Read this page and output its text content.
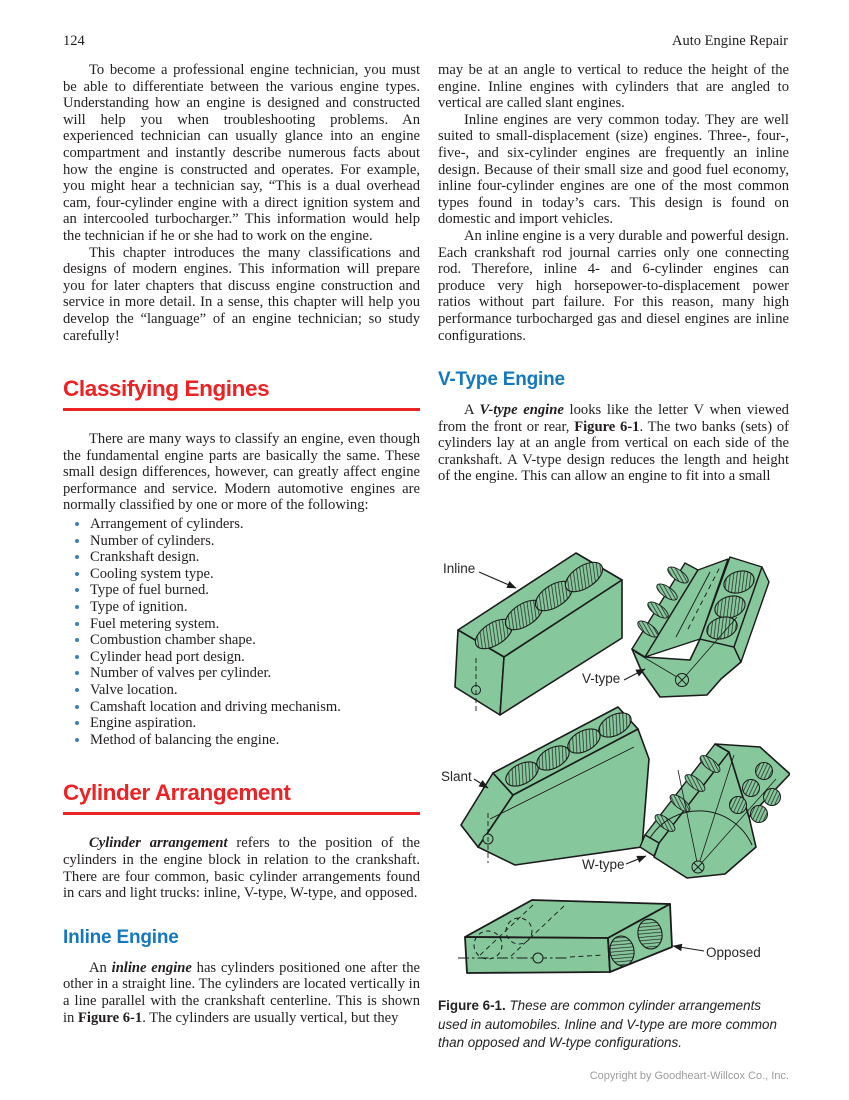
124	Auto Engine Repair

To become a professional engine technician, you must be able to differentiate between the various engine types. Understanding how an engine is designed and constructed will help you when troubleshooting problems. An experienced technician can usually glance into an engine compartment and instantly describe numerous facts about how the engine is constructed and operates. For example, you might hear a technician say, “This is a dual overhead cam, four-cylinder engine with a direct ignition system and an intercooled turbocharger.” This information would help the technician if he or she had to work on the engine.

This chapter introduces the many classifications and designs of modern engines. This information will prepare you for later chapters that discuss engine construction and service in more detail. In a sense, this chapter will help you develop the “language” of an engine technician; so study carefully!

Classifying Engines

There are many ways to classify an engine, even though the fundamental engine parts are basically the same. These small design differences, however, can greatly affect engine performance and service. Modern automotive engines are normally classified by one or more of the following:

• Arrangement of cylinders.
• Number of cylinders.
• Crankshaft design.
• Cooling system type.
• Type of fuel burned.
• Type of ignition.
• Fuel metering system.
• Combustion chamber shape.
• Cylinder head port design.
• Number of valves per cylinder.
• Valve location.
• Camshaft location and driving mechanism.
• Engine aspiration.
• Method of balancing the engine.
Cylinder Arrangement

Cylinder arrangement refers to the position of the cylinders in the engine block in relation to the crankshaft. There are four common, basic cylinder arrangements found in cars and light trucks: inline, V-type, W-type, and opposed.

Inline Engine

An inline engine has cylinders positioned one after the other in a straight line. The cylinders are located vertically in a line parallel with the crankshaft centerline. This is shown in Figure 6-1. The cylinders are usually vertical, but they

may be at an angle to vertical to reduce the height of the engine. Inline engines with cylinders that are angled to vertical are called slant engines.

Inline engines are very common today. They are well suited to small-displacement (size) engines. Three-, four-, five-, and six-cylinder engines are frequently an inline design. Because of their small size and good fuel economy, inline four-cylinder engines are one of the most common types found in today’s cars. This design is found on domestic and import vehicles.

An inline engine is a very durable and powerful design. Each crankshaft rod journal carries only one connecting rod. Therefore, inline 4- and 6-cylinder engines can produce very high horsepower-to-displacement power ratios without part failure. For this reason, many high performance turbocharged gas and diesel engines are inline configurations.

V-Type Engine

A V-type engine looks like the letter V when viewed from the front or rear, Figure 6-1. The two banks (sets) of cylinders lay at an angle from vertical on each side of the crankshaft. A V-type design reduces the length and height of the engine. This can allow an engine to fit into a small

Inline
V-type
Slant
W-type
Opposed

Figure 6-1. These are common cylinder arrangements used in automobiles. Inline and V-type are more common than opposed and W-type configurations.

Copyright by Goodheart-Willcox Co., Inc.
